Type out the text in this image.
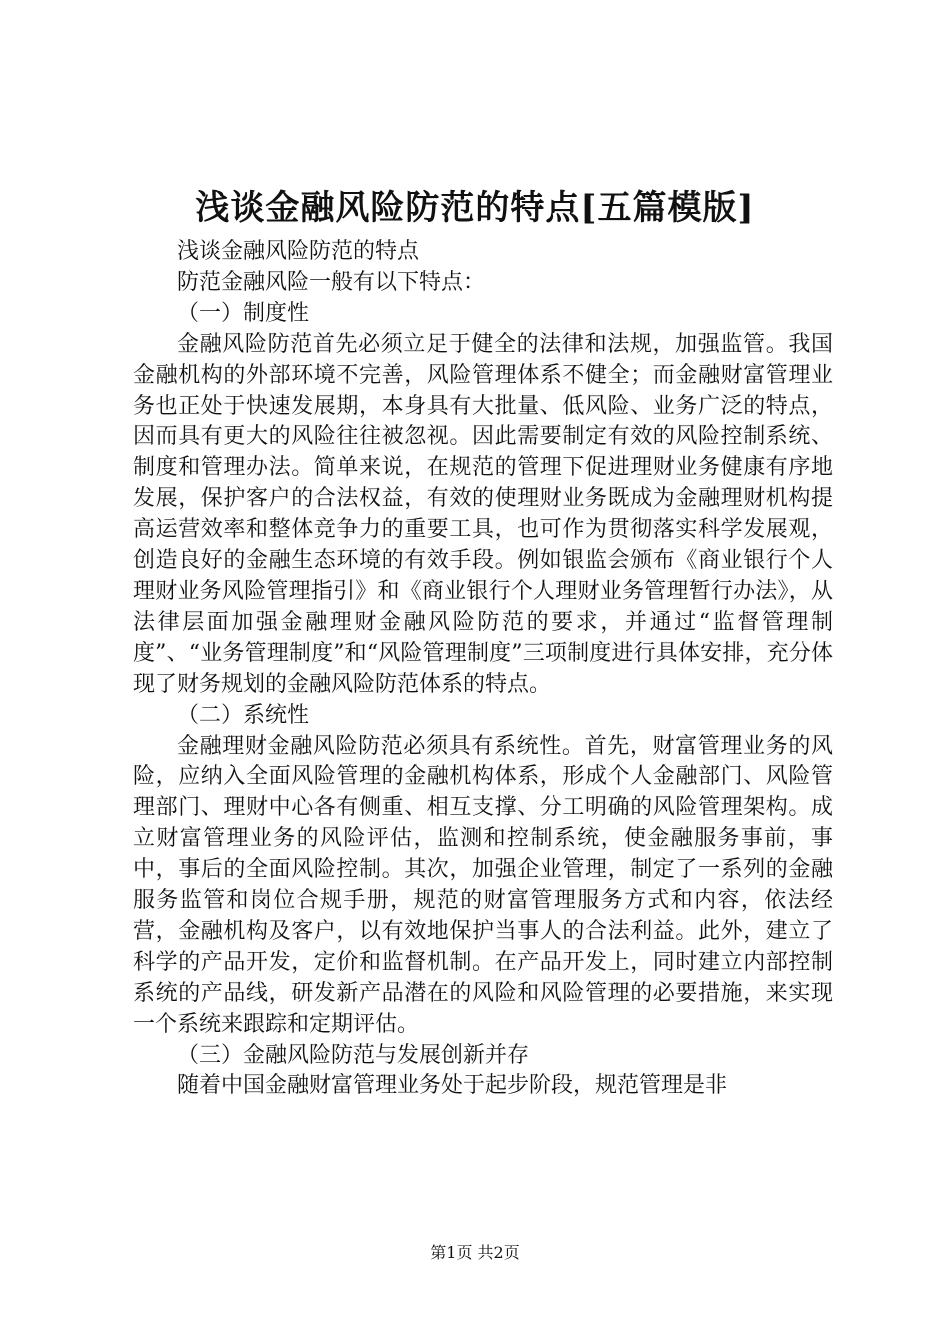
浅谈金融风险防范的特点[五篇模版]

浅谈金融风险防范的特点

防范金融风险一般有以下特点：

（一）制度性

金融风险防范首先必须立足于健全的法律和法规，加强监管。我国金融机构的外部环境不完善，风险管理体系不健全；而金融财富管理业务也正处于快速发展期，本身具有大批量、低风险、业务广泛的特点，因而具有更大的风险往往被忽视。因此需要制定有效的风险控制系统、制度和管理办法。简单来说，在规范的管理下促进理财业务健康有序地发展，保护客户的合法权益，有效的使理财业务既成为金融理财机构提高运营效率和整体竞争力的重要工具，也可作为贯彻落实科学发展观，创造良好的金融生态环境的有效手段。例如银监会颁布《商业银行个人理财业务风险管理指引》和《商业银行个人理财业务管理暂行办法》，从法律层面加强金融理财金融风险防范的要求，并通过“监督管理制度”、“业务管理制度”和“风险管理制度”三项制度进行具体安排，充分体现了财务规划的金融风险防范体系的特点。

（二）系统性

金融理财金融风险防范必须具有系统性。首先，财富管理业务的风险，应纳入全面风险管理的金融机构体系，形成个人金融部门、风险管理部门、理财中心各有侧重、相互支撑、分工明确的风险管理架构。成立财富管理业务的风险评估，监测和控制系统，使金融服务事前，事中，事后的全面风险控制。其次，加强企业管理，制定了一系列的金融服务监管和岗位合规手册，规范的财富管理服务方式和内容，依法经营，金融机构及客户，以有效地保护当事人的合法利益。此外，建立了科学的产品开发，定价和监督机制。在产品开发上，同时建立内部控制系统的产品线，研发新产品潜在的风险和风险管理的必要措施，来实现一个系统来跟踪和定期评估。

（三）金融风险防范与发展创新并存

随着中国金融财富管理业务处于起步阶段，规范管理是非

第1页 共2页
